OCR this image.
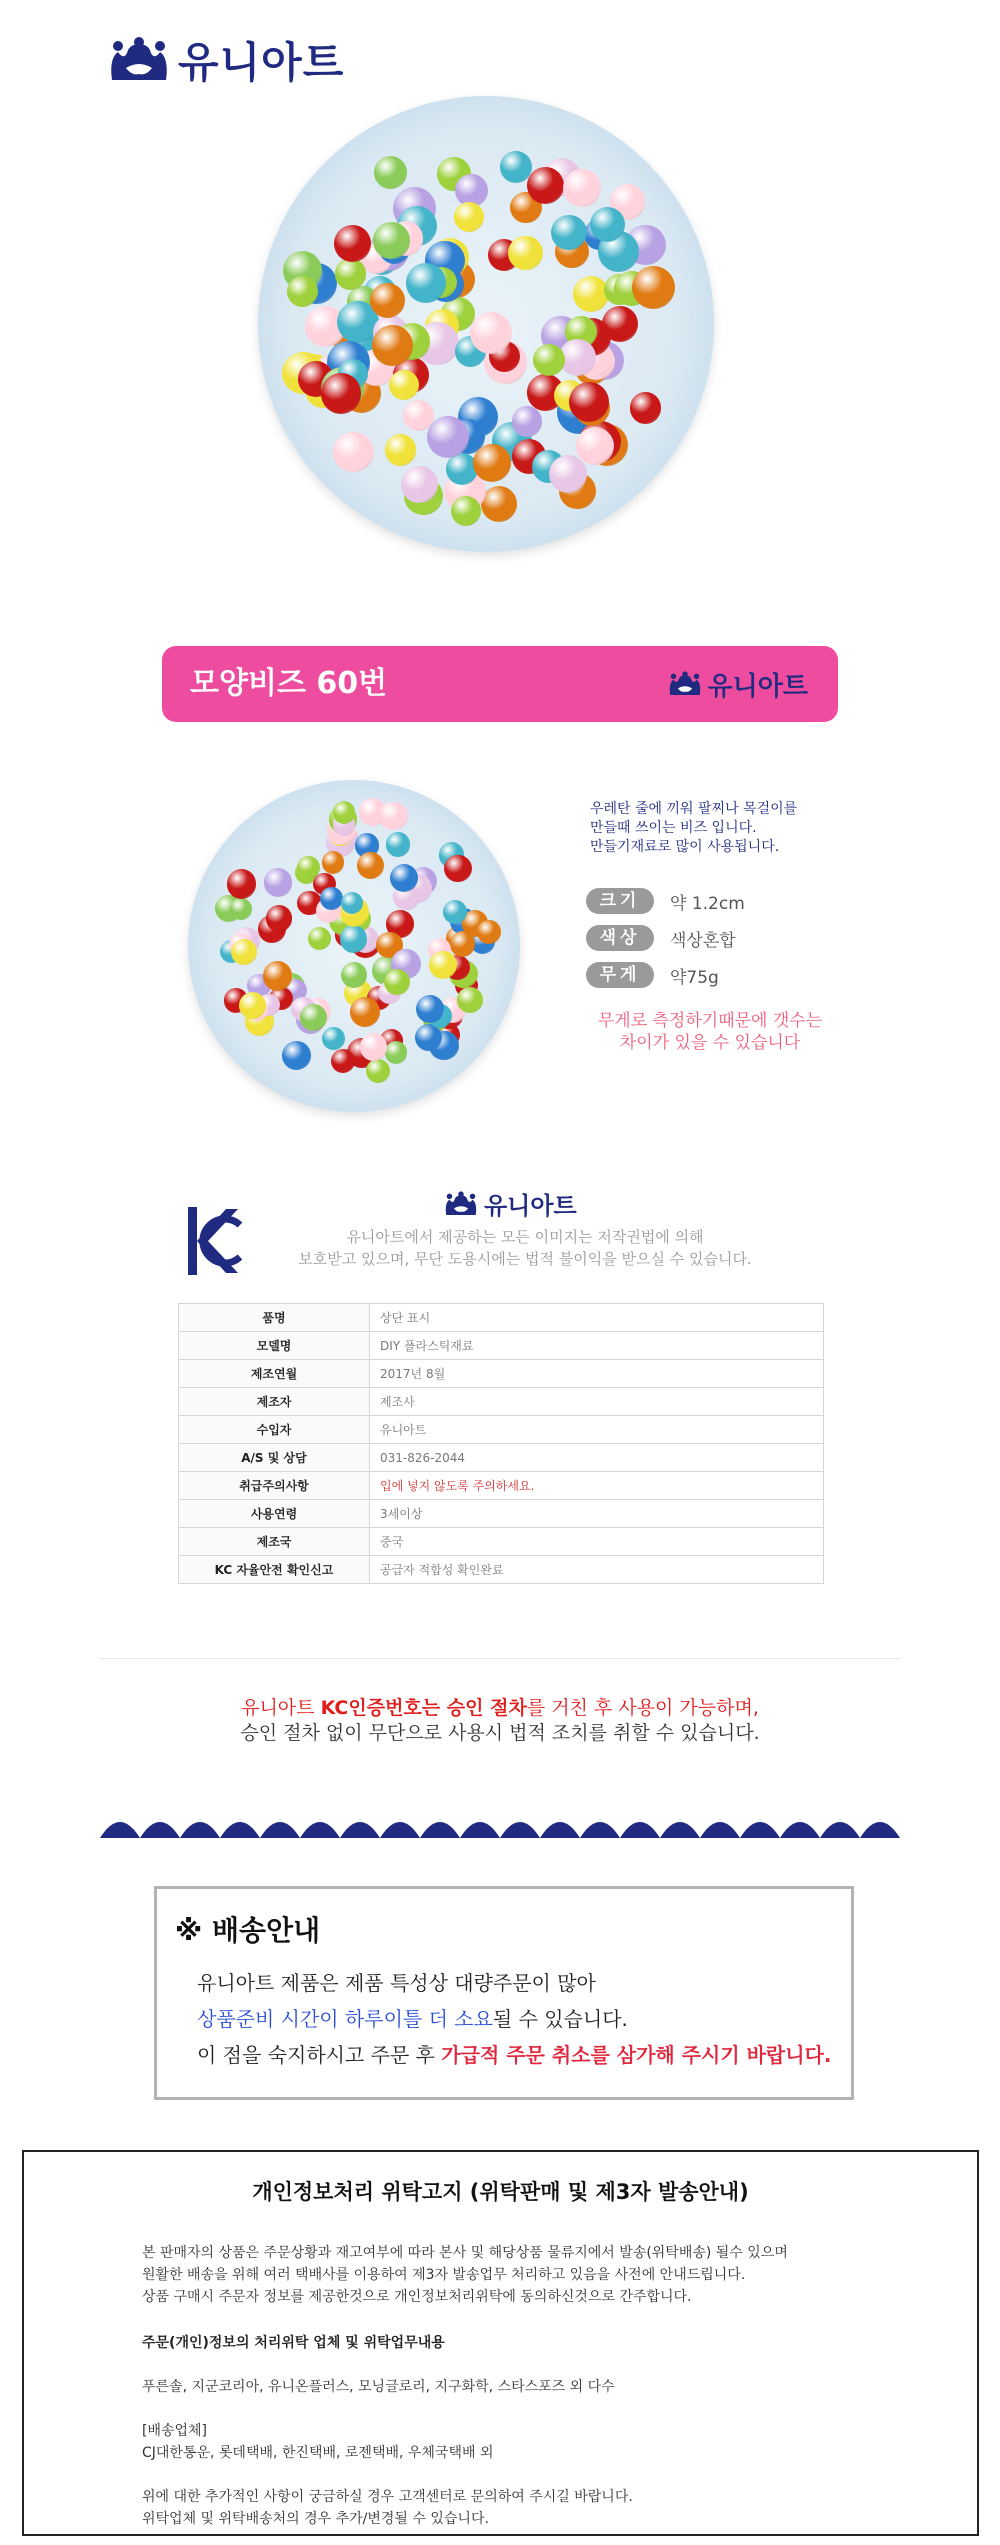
유니아트
모양비즈 60번	유니아트
우레탄 줄에 끼워 팔찌나 목걸이를
만들때 쓰이는 비즈 입니다.
만들기재료로 많이 사용됩니다.
크기	약 1.2cm
색상	색상혼합
무게	약75g
무게로 측정하기때문에 갯수는
차이가 있을 수 있습니다
유니아트
유니아트에서 제공하는 모든 이미지는 저작권법에 의해
보호받고 있으며, 무단 도용시에는 법적 불이익을 받으실 수 있습니다.
품명	상단 표시
모델명	DIY 플라스틱재료
제조연월	2017년 8월
제조자	제조사
수입자	유니아트
A/S 및 상담	031-826-2044
취급주의사항	입에 넣지 않도록 주의하세요.
사용연령	3세이상
제조국	중국
KC 자율안전 확인신고	공급자 적합성 확인완료
유니아트 KC인증번호는 승인 절차를 거친 후 사용이 가능하며,
승인 절차 없이 무단으로 사용시 법적 조치를 취할 수 있습니다.
※ 배송안내
유니아트 제품은 제품 특성상 대량주문이 많아
상품준비 시간이 하루이틀 더 소요될 수 있습니다.
이 점을 숙지하시고 주문 후 가급적 주문 취소를 삼가해 주시기 바랍니다.
개인정보처리 위탁고지 (위탁판매 및 제3자 발송안내)
본 판매자의 상품은 주문상황과 재고여부에 따라 본사 및 해당상품 물류지에서 발송(위탁배송) 될수 있으며
원활한 배송을 위해 여러 택배사를 이용하여 제3자 발송업무 처리하고 있음을 사전에 안내드립니다.
상품 구매시 주문자 정보를 제공한것으로 개인정보처리위탁에 동의하신것으로 간주합니다.
주문(개인)정보의 처리위탁 업체 및 위탁업무내용
푸른솔, 지군코리아, 유니온플러스, 모닝글로리, 지구화학, 스타스포즈 외 다수
[배송업체]
CJ대한통운, 롯데택배, 한진택배, 로젠택배, 우체국택배 외
위에 대한 추가적인 사항이 궁금하실 경우 고객센터로 문의하여 주시길 바랍니다.
위탁업체 및 위탁배송처의 경우 추가/변경될 수 있습니다.
